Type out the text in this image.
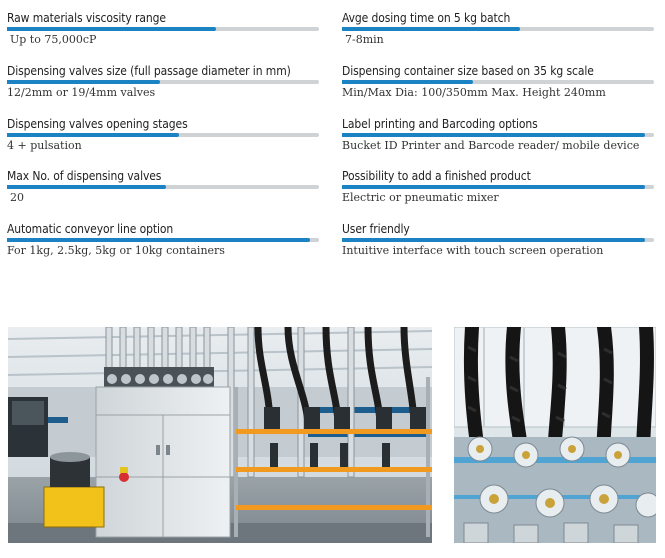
Raw materials viscosity range
Up to 75,000cP
Dispensing valves size (full passage diameter in mm)
12/2mm or 19/4mm valves
Dispensing valves opening stages
4 + pulsation
Max No. of dispensing valves
20
Automatic conveyor line option
For 1kg, 2.5kg, 5kg or 10kg containers
Avge dosing time on 5 kg batch
7-8min
Dispensing container size based on 35 kg scale
Min/Max Dia: 100/350mm Max. Height 240mm
Label printing and Barcoding options
Bucket ID Printer and Barcode reader/ mobile device
Possibility to add a finished product
Electric or pneumatic mixer
User friendly
Intuitive interface with touch screen operation
